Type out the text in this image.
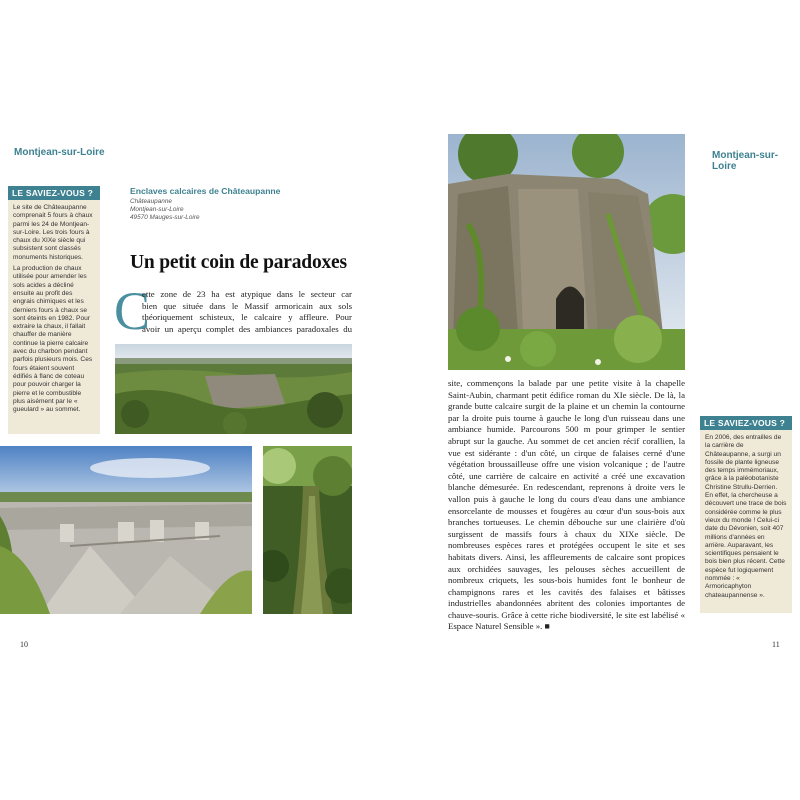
Montjean-sur-Loire
LE SAVIEZ-VOUS ?

Le site de Châteaupanne comprenait 5 fours à chaux parmi les 24 de Montjean-sur-Loire. Les trois fours à chaux du XIXe siècle qui subsistent sont classés monuments historiques.

La production de chaux utilisée pour amender les sols acides a décliné ensuite au profit des engrais chimiques et les derniers fours à chaux se sont éteints en 1982. Pour extraire la chaux, il fallait chauffer de manière continue la pierre calcaire avec du charbon pendant parfois plusieurs mois. Ces fours étaient souvent édifiés à flanc de coteau pour pouvoir charger la pierre et le combustible plus aisément par le « gueulard » au sommet.

Enclaves calcaires de Châteaupanne
Châteaupanne
Montjean-sur-Loire
49570 Mauges-sur-Loire
Un petit coin de paradoxes
C

ette zone de 23 ha est atypique dans le secteur car

bien que située dans le Massif armoricain aux sols

théoriquement schisteux, le calcaire y affleure. Pour

avoir un aperçu complet des ambiances paradoxales du

10
Montjean-sur-Loire
site, commençons la balade par une petite visite à la chapelle Saint-Aubin, charmant petit édifice roman du XIe siècle. De là, la grande butte calcaire surgit de la plaine et un chemin la contourne par la droite puis tourne à gauche le long d'un ruisseau dans une ambiance humide. Parcourons 500 m pour grimper le sentier abrupt sur la gauche. Au sommet de cet ancien récif corallien, la vue est sidérante : d'un côté, un cirque de falaises cerné d'une végétation broussailleuse offre une vision volcanique ; de l'autre côté, une carrière de calcaire en activité a créé une excavation blanche démesurée. En redescendant, reprenons à droite vers le vallon puis à gauche le long du cours d'eau dans une ambiance ensorcelante de mousses et fougères au cœur d'un sous-bois aux branches tortueuses. Le chemin débouche sur une clairière d'où surgissent de massifs fours à chaux du XIXe siècle. De nombreuses espèces rares et protégées occupent le site et ses habitats divers. Ainsi, les affleurements de calcaire sont propices aux orchidées sauvages, les pelouses sèches accueillent de nombreux criquets, les sous-bois humides font le bonheur de champignons rares et les cavités des falaises et bâtisses industrielles abandonnées abritent des colonies importantes de chauve-souris. Grâce à cette riche biodiversité, le site est labélisé « Espace Naturel Sensible ». ■
LE SAVIEZ-VOUS ?

En 2006, des entrailles de la carrière de Châteaupanne, a surgi un fossile de plante ligneuse des temps immémoriaux, grâce à la paléobotaniste Christine Strullu-Derrien. En effet, la chercheuse a découvert une trace de bois considérée comme le plus vieux du monde ! Celui-ci date du Dévonien, soit 407 millions d'années en arrière. Auparavant, les scientifiques pensaient le bois bien plus récent. Cette espèce fut logiquement nommée : « Armoricaphyton chateaupannense ».

11
